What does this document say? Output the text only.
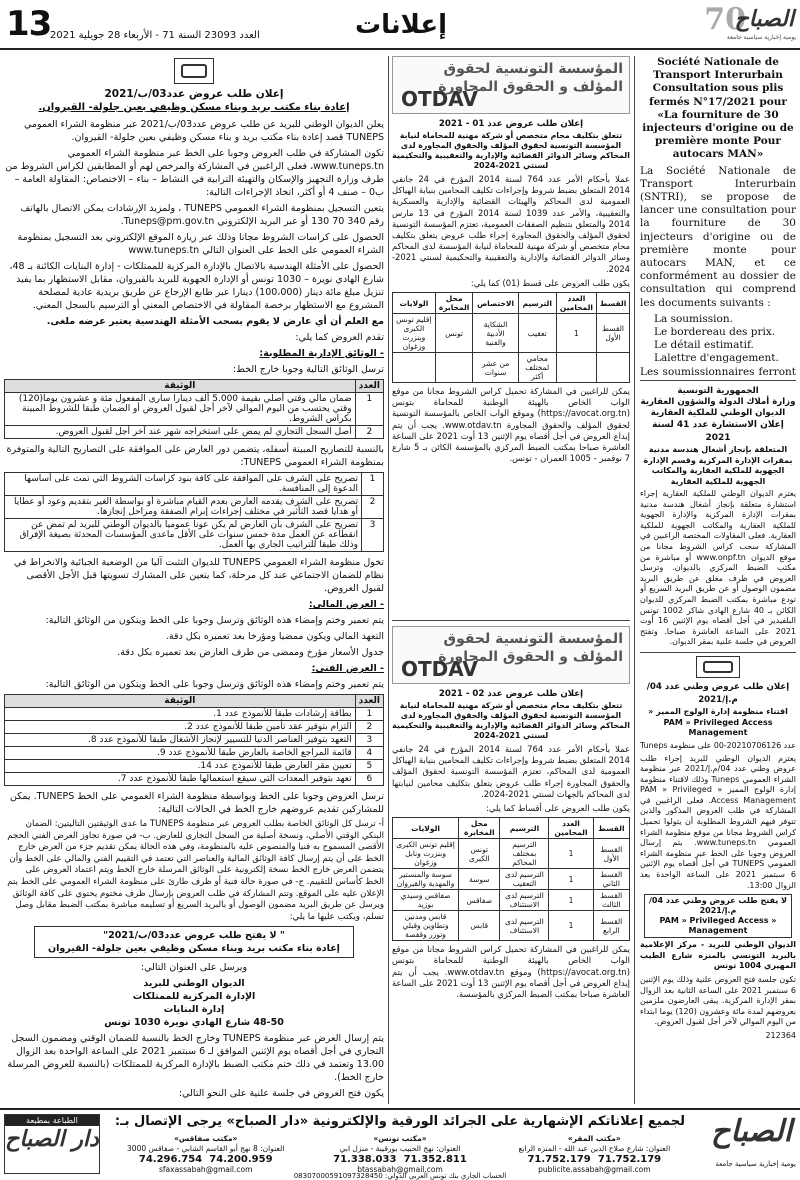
13
العدد 23093 السنة 71 - الأربعاء 28 جويلية 2021	إعلانات	70
الصباح
يومية إخبارية سياسية جامعة
إعلان طلب عروض عدد03/ب/2021
إعادة بناء مكتب بريد وبناء مسكن وظيفي بعين جلولة- القيروان.

يعلن الديوان الوطني للبريد عن طلب عروض عدد03/ب/2021 عبر منظومة الشراء العمومي TUNEPS قصد إعادة بناء مكتب بريد و بناء مسكن وظيفي بعين جلولة- القيروان.

تكون المشاركة في طلب العروض وجوبا على الخط عبر منظومة الشراء العمومي www.tuneps.tn، فعلى الراغبين في المشاركة والمرخص لهم أو المطابقين لكراس الشروط من طرف وزارة التجهيز والإسكان والتهيئة الترابية في النشاط – بناء – الاختصاص: المقاولة العامة – ب0 – صنف 4 أو أكثر، اتخاذ الإجراءات التالية:

يتعين التسجيل بمنظومة الشراء العمومي TUNEPS ، ولمزيد الإرشادات يمكن الاتصال بالهاتف رقم 340 70 130 أو عبر البريد الإلكتروني Tuneps@pm.gov.tn.

الحصول على كراسات الشروط مجانا وذلك عبر زيارة الموقع الإلكتروني بعد التسجيل بمنظومة الشراء العمومي على الخط على العنوان التالي www.tuneps.tn

الحصول على الأمثلة الهندسية بالاتصال بالإدارة المركزية للممتلكات - إدارة البنايات الكائنة بـ 48، شارع الهادي نويرة – 1030 تونس أو الإدارة الجهوية للبريد بالقيروان، مقابل الاستظهار بما يفيد تنزيل مبلغ مائة دينار (100،000) دينارا عبر طابع الإرجاع عن طريق بريدية عادية لمصلحة المشروع مع الاستظهار برخصة المقاولة في الاختصاص المعني أو الترسيم بالسجل المعني.

مع العلم أن أي عارض لا يقوم بسحب الأمثلة الهندسية يعتبر عرضه ملغى.

تقدم العروض كما يلي:

- الوثائق الإدارية المطلوبة:

ترسل الوثائق التالية وجوبا خارج الخط:

العدد	الوثيقة
1	ضمان مالي وقتي أصلي بقيمة 5.000 ألف دينارا ساري المفعول مئة و عشرون يوما(120) وقتي يحتسب من اليوم الموالي لآخر أجل لقبول العروض أو الضمان طبقا للشروط المبينة بكراس الشروط.
2	أصل السجل التجاري لم يمض على استخراجه شهر عند آخر أجل لقبول العروض.

بالنسبة للتصاريح المبينة أسفله، يتضمن دور العارض على الموافقة على التصاريح التالية والمتوفرة بمنظومة الشراء العمومي TUNEPS:

1	تصريح على الشرف على الموافقة على كافة بنود كراسات الشروط التي تمت على أساسها الدعوة إلى المنافسة.
2	تصريح على الشرف يقدمه العارض بعدم القيام مباشرة أو بواسطة الغير بتقديم وعود أو عطايا أو هدايا قصد التأثير في مختلف إجراءات إبرام الصفقة ومراحل إنجازها.
3	تصريح على الشرف بأن العارض لم يكن عونا عموميا بالديوان الوطني للبريد لم تمض عن انقطاعه عن العمل مدة خمس سنوات على الأقل ماعدى المؤسسات المحدثة بصيغة الإفراق وذلك طبقا للتراتيب الجاري بها العمل.

تخول منظومة الشراء العمومي TUNEPS للديوان التثبت آليا من الوضعية الجبائية والانخراط في نظام للضمان الاجتماعي عند كل مرحلة، كما يتعين على المشارك تسويتها قبل الأجل الأقصى لقبول العروض.

- العرض المالي:

يتم تعمير وختم وإمضاء هذه الوثائق وترسل وجوبا على الخط ويتكون من الوثائق التالية:

التعهد المالي ويكون ممضيا ومؤرخا بعد تعميره بكل دقة.

جدول الأسعار مؤرخ وممضى من طرف العارض بعد تعميره بكل دقة.

- العرض الفني:

يتم تعمير وختم وإمضاء هذه الوثائق وترسل وجوبا على الخط ويتكون من الوثائق التالية:

العدد	الوثيقة
1	بطاقة إرشادات طبقا للأنموذج عدد 1.
2	التزام بتوفير عقد تأمين طبقا للأنموذج عدد 2.
3	التعهد بتوفير العناصر الدنيا للتسيير لإنجاز الأشغال طبقا للأنموذج عدد 8.
4	قائمة المراجع الخاصة بالعارض طبقا للأنموذج عدد 9.
5	تعيين مقر العارض طبقا للأنموذج عدد 14.
6	تعهد بتوفير المعدات التي سيقع استعمالها طبقا للأنموذج عدد 7.

ترسل العروض وجوبا على الخط وبواسطة منظومة الشراء العمومي على الخط TUNEPS. يمكن للمشاركين تقديم عروضهم خارج الخط في الحالات التالية:

أ- ترسل كل الوثائق الخاصة بطلب العروض عبر منظومة TUNEPS ما عدى الوثيقتين التاليتين: الضمان البنكي الوقتي الأصلي، ونسخة أصلية من السجل التجاري للعارض. ب- في صورة تجاوز العرض الفني الحجم الأقصى المسموح به فنيا والمنصوص عليه بالمنظومة، وفي هذه الحالة يمكن تقديم جزء من العرض خارج الخط على أن يتم إرسال كافة الوثائق المالية والعناصر التي تعتمد في التقييم الفني والمالي على الخط وأن يتضمن العرض خارج الخط نسخة إلكترونية على الوثائق المرسلة خارج الخط ويتم اعتماد العروض على الخط كأساس للتقييم. ج- في صورة حالة فنية أو ظرف طارئ على منظومة الشراء العمومي على الخط يتم الإعلان عليه على الموقع. وتتم المشاركة في طلب العروض بإرسال ظرف مختوم يحتوي على كافة الوثائق ويرسل عن طريق البريد مضمون الوصول أو بالبريد السريع أو تسليمه مباشرة بمكتب الضبط مقابل وصل تسلم، ويكتب عليها ما يلي:

" لا يفتح طلب عروض عدد03/ب/2021"
إعادة بناء مكتب بريد وبناء مسكن وظيفي بعين جلولة- القيروان

ويرسل على العنوان التالي:

الديوان الوطني للبريد
الإدارة المركزية للممتلكات
إدارة البنايات
48-50 شارع الهادي نويرة 1030 تونس

يتم إرسال العرض عبر منظومة TUNEPS وخارج الخط بالنسبة للضمان الوقتي ومضمون السجل التجاري في أجل أقصاه يوم الإثنين الموافق لـ 6 سبتمبر 2021 على الساعة الواحدة بعد الزوال 13.00 وتعتمد في ذلك ختم مكتب الضبط بالإدارة المركزية للممتلكات (بالنسبة للعروض المرسلة خارج الخط).

يكون فتح العروض في جلسة علنية على النحو التالي:

المؤسسة التونسية لحقوق
المؤلف و الحقوق المجاورة
OTDAV
إعلان طلب عروض عدد 01 - 2021
تتعلق بتكليف محام متخصص أو شركة مهنية للمحاماة لنيابة المؤسسة التونسية لحقوق المؤلف والحقوق المجاورة لدى المحاكم وسائر الدوائر القضائية والإدارية والتعقيبية والتحكيمية لسنتي 2021-2024

عملا بأحكام الأمر عدد 764 لسنة 2014 المؤرخ في 24 جانفي 2014 المتعلق بضبط شروط وإجراءات تكليف المحامين بنيابة الهياكل العمومية لدى المحاكم والهيئات القضائية والإدارية والعسكرية والتعقيبية، والأمر عدد 1039 لسنة 2014 المؤرخ في 13 مارس 2014 والمتعلق بتنظيم الصفقات العمومية، تعتزم المؤسسة التونسية لحقوق المؤلف والحقوق المجاورة إجراء طلب عروض يتعلق بتكليف محام متخصص أو شركة مهنية للمحاماة لنيابة المؤسسة لدى المحاكم وسائر الدوائر القضائية والإدارية والتعقيبية والتحكيمية لسنتي 2021-2024.

يكون طلب العروض على قسط (01) كما يلي:

القسط	العدد المحامين	الترسيم	الاختصاص	محل المخابرة	الولايات
القسط الأول	1	تعقيب	الشكاية الأدبية والفنية	تونس	إقليم تونس الكبرى وبنزرت وزغوان
		محامي لمختلف أكثر	من عشر سنوات		

يمكن للراغبين في المشاركة تحميل كراس الشروط مجانا من موقع الواب الخاص بالهيئة الوطنية للمحاماة بتونس (https://avocat.org.tn) وموقع الواب الخاص بالمؤسسة التونسية لحقوق المؤلف والحقوق المجاورة www.otdav.tn. يجب أن يتم إيداع العروض في أجل أقصاه يوم الإثنين 13 أوت 2021 على الساعة العاشرة صباحا بمكتب الضبط المركزي بالمؤسسة الكائن بـ 5 شارع 7 نوفمبر - 1005 العمران - تونس.

المؤسسة التونسية لحقوق
المؤلف و الحقوق المجاورة
OTDAV
إعلان طلب عروض عدد 02 - 2021
تتعلق بتكليف محام متخصص أو شركة مهنية للمحاماة لنيابة المؤسسة التونسية لحقوق المؤلف والحقوق المجاورة لدى المحاكم وسائر الدوائر القضائية والإدارية والتعقيبية والتحكيمية لسنتي 2021-2024

عملا بأحكام الأمر عدد 764 لسنة 2014 المؤرخ في 24 جانفي 2014 المتعلق بضبط شروط وإجراءات تكليف المحامين بنيابة الهياكل العمومية لدى المحاكم، تعتزم المؤسسة التونسية لحقوق المؤلف والحقوق المجاورة إجراء طلب عروض يتعلق بتكليف محامين لنيابتها لدى المحاكم بالجهات لسنتي 2021-2024.

يكون طلب العروض على أقساط كما يلي:

القسط	العدد المحامين	الترسيم	محل المخابرة	الولايات
القسط الأول	1	الترسيم بمختلف المحاكم	تونس الكبرى	إقليم تونس الكبرى وبنزرت ونابل وزغوان
القسط الثاني	1	الترسيم لدى التعقيب	سوسة	سوسة والمنستير والمهدية والقيروان
القسط الثالث	1	الترسيم لدى الاستئناف	صفاقس	صفاقس وسيدي بوزيد
القسط الرابع	1	الترسيم لدى الاستئناف	قابس	قابس ومدنين وتطاوين وقبلي وتوزر وقفصة

يمكن للراغبين في المشاركة تحميل كراس الشروط مجانا من موقع الواب الخاص بالهيئة الوطنية للمحاماة بتونس (https://avocat.org.tn) وموقع www.otdav.tn. يجب أن يتم إيداع العروض في أجل أقصاه يوم الإثنين 13 أوت 2021 على الساعة العاشرة صباحا بمكتب الضبط المركزي بالمؤسسة.

Société Nationale de Transport Interurbain
Consultation sous plis fermés N°17/2021 pour «La fourniture de 30 injecteurs d'origine ou de première monte Pour autocars MAN»

La Société Nationale de Transport Interurbain (SNTRI), se propose de lancer une consultation pour la fourniture de 30 injecteurs d'origine ou de première monte pour autocars MAN, et ce conformément au dossier de consultation qui comprend les documents suivants :

La soumission.
Le bordereau des prix.
Le détail estimatif.
Lalettre d'engagement.

Les soumissionnaires ferront

الجمهورية التونسية
وزارة أملاك الدولة والشؤون العقارية
الديوان الوطني للملكية العقارية
إعلان الاستشارة عدد 41 لسنة 2021
المتعلقة بإنجاز أشغال هندسة مدنية بمقرات الإدارة المركزية وقسم الإدارة الجهوية للملكية العقارية والمكاتب الجهوية للملكية العقارية

يعتزم الديوان الوطني للملكية العقارية إجراء استشارة متعلقة بإنجاز أشغال هندسة مدنية بمقرات الإدارة المركزية والإدارة الجهوية للملكية العقارية والمكاتب الجهوية للملكية العقارية. فعلى المقاولات المختصة الراغبين في المشاركة سحب كراس الشروط مجانا من موقع الديوان www.onpf.tn أو مباشرة من مكتب الضبط المركزي بالديوان. وترسل العروض في ظرف مغلق عن طريق البريد مضمون الوصول أو عن طريق البريد السريع أو تودع مباشرة بمكتب الضبط المركزي للديوان الكائن بـ 40 شارع الهادي شاكر 1002 تونس البلفيدير في أجل أقصاه يوم الإثنين 16 أوت 2021 على الساعة العاشرة صباحا. وتفتح العروض في جلسة علنية بمقر الديوان.

إعلان طلب عروض وطني عدد 04/م.إ/2021
اقتناء منظومة إدارة الولوج المميز « PAM » Privileged Access Management
عدد 20210706126-00 على منظومة Tuneps

يعتزم الديوان الوطني للبريد إجراء طلب عروض وطني عدد 04/م.إ/2021 عبر منظومة الشراء العمومي Tuneps وذلك لاقتناء منظومة إدارة الولوج المميز « PAM » Privileged Access Management. فعلى الراغبين في المشاركة في طلب العروض المذكور والذين تتوفر فيهم الشروط المطلوبة أن يتولوا تحميل كراس الشروط مجانا من موقع منظومة الشراء العمومي www.tuneps.tn. يتم إرسال العروض وجوبا على الخط عبر منظومة الشراء العمومي TUNEPS في أجل أقصاه يوم الإثنين 6 سبتمبر 2021 على الساعة الواحدة بعد الزوال 13:00.

لا يفتح طلب عروض وطني عدد 04/م.إ/2021
« PAM » Privileged Access Management

الديوان الوطني للبريد - مركز الإعلامية بالبريد التونسي بالمنزه شارع الطيب المهيري 1004 تونس

تكون جلسة فتح العروض علنية وذلك يوم الإثنين 6 سبتمبر 2021 على الساعة الثانية بعد الزوال بمقر الإدارة المركزية. يبقى العارضون ملزمين بعروضهم لمدة مائة وعشرون (120) يوما ابتداء من اليوم الموالي لآخر أجل لقبول العروض.

212364
الصباح
يومية إخبارية سياسية جامعة
لجميع إعلاناتكم الإشهارية على الجرائد الورقية والإلكترونية «دار الصباح» يرجى الإتصال بـ:
«مكتب المقر»
العنوان: شارع صلاح الدين عبد الله - المنزه الرابع
71.752.179   71.752.179
publicite.assabah@gmail.com
«مكتب تونس»
العنوان: نهج الحبيب بورقيبة - منزل ابي
71.352.811   71.338.033
btassabah@gmail.com
«مكتب صفاقس»
العنوان: 8 نهج أبو القاسم الشابي - صفاقس 3000
74.200.959   74.296.754
sfaxassabah@gmail.com
الحساب الجاري بنك تونس العربي الدولي: 08307000591097328450
الطباعة بمطبعة
دار الصباح
